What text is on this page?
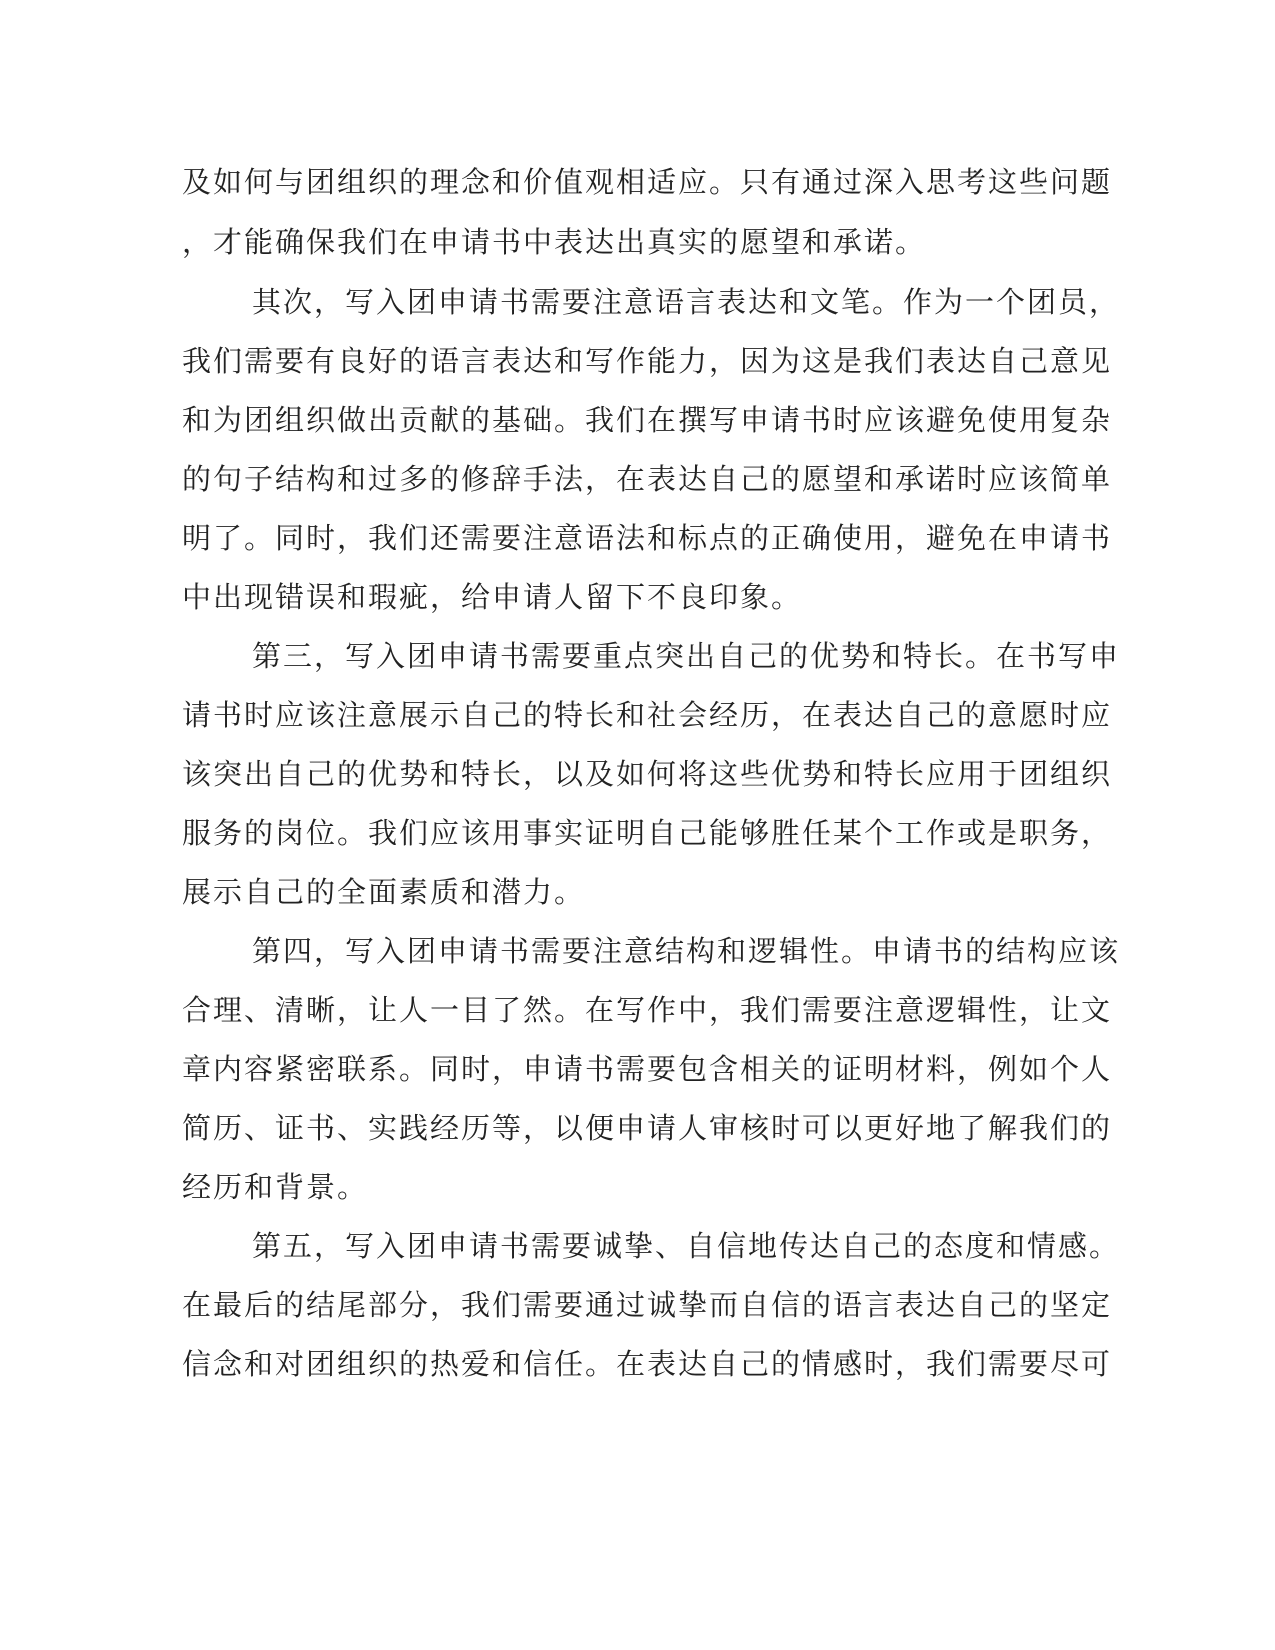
及如何与团组织的理念和价值观相适应。只有通过深入思考这些问题
，才能确保我们在申请书中表达出真实的愿望和承诺。
其次，写入团申请书需要注意语言表达和文笔。作为一个团员，
我们需要有良好的语言表达和写作能力，因为这是我们表达自己意见
和为团组织做出贡献的基础。我们在撰写申请书时应该避免使用复杂
的句子结构和过多的修辞手法，在表达自己的愿望和承诺时应该简单
明了。同时，我们还需要注意语法和标点的正确使用，避免在申请书
中出现错误和瑕疵，给申请人留下不良印象。
第三，写入团申请书需要重点突出自己的优势和特长。在书写申
请书时应该注意展示自己的特长和社会经历，在表达自己的意愿时应
该突出自己的优势和特长，以及如何将这些优势和特长应用于团组织
服务的岗位。我们应该用事实证明自己能够胜任某个工作或是职务，
展示自己的全面素质和潜力。
第四，写入团申请书需要注意结构和逻辑性。申请书的结构应该
合理、清晰，让人一目了然。在写作中，我们需要注意逻辑性，让文
章内容紧密联系。同时，申请书需要包含相关的证明材料，例如个人
简历、证书、实践经历等，以便申请人审核时可以更好地了解我们的
经历和背景。
第五，写入团申请书需要诚挚、自信地传达自己的态度和情感。
在最后的结尾部分，我们需要通过诚挚而自信的语言表达自己的坚定
信念和对团组织的热爱和信任。在表达自己的情感时，我们需要尽可
